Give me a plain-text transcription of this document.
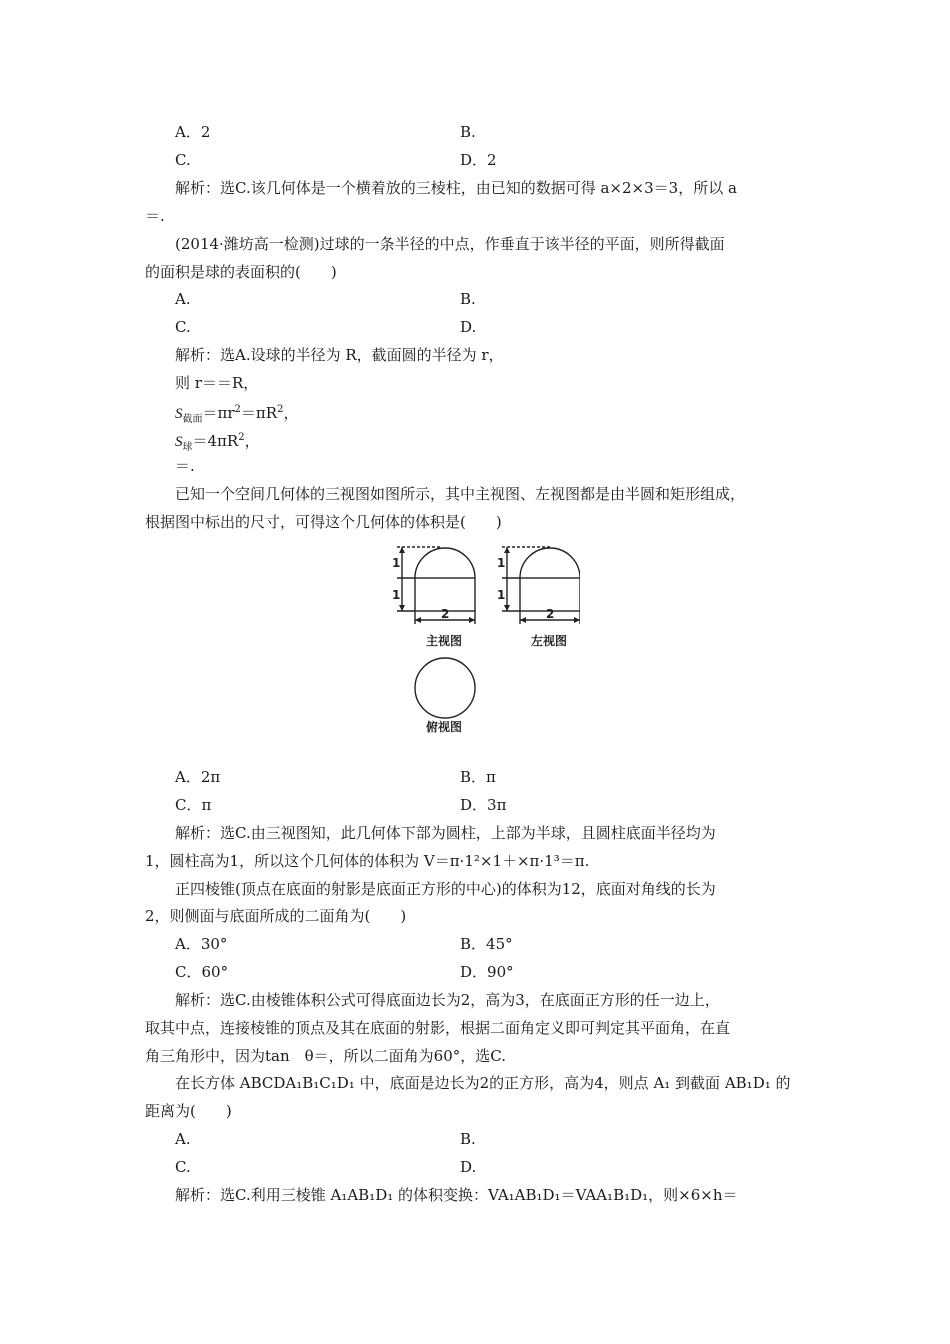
A．2	B.
C.	D．2
解析：选C.该几何体是一个横着放的三棱柱，由已知的数据可得 a×2×3＝3，所以 a
＝.
(2014·潍坊高一检测)过球的一条半径的中点，作垂直于该半径的平面，则所得截面
的面积是球的表面积的(　　)
A.	B.
C.	D.
解析：选A.设球的半径为 R，截面圆的半径为 r，
则 r＝＝R，
$S_{截面}=\pi r^2=\pi R^2$，
$S_球=4\pi R^2$，
＝.
已知一个空间几何体的三视图如图所示，其中主视图、左视图都是由半圆和矩形组成，
根据图中标出的尺寸，可得这个几何体的体积是(　　)
1
1
2
1
1
2
主视图	左视图
俯视图
A．2π	B．π
C．π	D．3π
解析：选C.由三视图知，此几何体下部为圆柱，上部为半球，且圆柱底面半径均为
1，圆柱高为1，所以这个几何体的体积为 V＝π·1²×1＋×π·1³＝π.
正四棱锥(顶点在底面的射影是底面正方形的中心)的体积为12，底面对角线的长为
2，则侧面与底面所成的二面角为(　　)
A．30°	B．45°
C．60°	D．90°
解析：选C.由棱锥体积公式可得底面边长为2，高为3，在底面正方形的任一边上，
取其中点，连接棱锥的顶点及其在底面的射影，根据二面角定义即可判定其平面角，在直
角三角形中，因为tan　θ＝，所以二面角为60°，选C.
在长方体 ABCDA₁B₁C₁D₁ 中，底面是边长为2的正方形，高为4，则点 A₁ 到截面 AB₁D₁ 的
距离为(　　)
A.	B.
C.	D.
解析：选C.利用三棱锥 A₁AB₁D₁ 的体积变换：VA₁AB₁D₁＝VAA₁B₁D₁，则×6×h＝
